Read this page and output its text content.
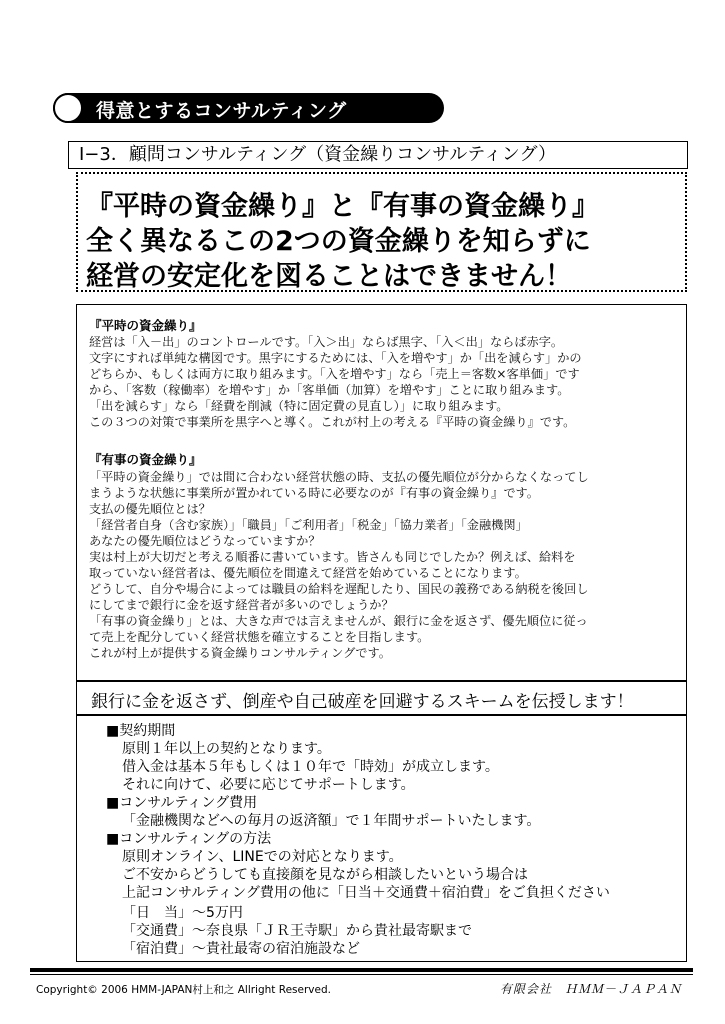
得意とするコンサルティング
I−3．顧問コンサルティング（資金繰りコンサルティング）
『平時の資金繰り』と『有事の資金繰り』
全く異なるこの2つの資金繰りを知らずに
経営の安定化を図ることはできません！
『平時の資金繰り』
経営は「入－出」のコントロールです。「入＞出」ならば黒字、「入＜出」ならば赤字。
文字にすれば単純な構図です。黒字にするためには、「入を増やす」か「出を減らす」かの
どちらか、もしくは両方に取り組みます。「入を増やす」なら「売上＝客数×客単価」です
から、「客数（稼働率）を増やす」か「客単価（加算）を増やす」ことに取り組みます。
「出を減らす」なら「経費を削減（特に固定費の見直し）」に取り組みます。
この３つの対策で事業所を黒字へと導く。これが村上の考える『平時の資金繰り』です。
『有事の資金繰り』
「平時の資金繰り」では間に合わない経営状態の時、支払の優先順位が分からなくなってし
まうような状態に事業所が置かれている時に必要なのが『有事の資金繰り』です。
支払の優先順位とは？
「経営者自身（含む家族）」「職員」「ご利用者」「税金」「協力業者」「金融機関」
あなたの優先順位はどうなっていますか？
実は村上が大切だと考える順番に書いています。皆さんも同じでしたか？例えば、給料を
取っていない経営者は、優先順位を間違えて経営を始めていることになります。
どうして、自分や場合によっては職員の給料を遅配したり、国民の義務である納税を後回し
にしてまで銀行に金を返す経営者が多いのでしょうか？
「有事の資金繰り」とは、大きな声では言えませんが、銀行に金を返さず、優先順位に従っ
て売上を配分していく経営状態を確立することを目指します。
これが村上が提供する資金繰りコンサルティングです。
銀行に金を返さず、倒産や自己破産を回避するスキームを伝授します！
■契約期間
原則１年以上の契約となります。
借入金は基本５年もしくは１０年で「時効」が成立します。
それに向けて、必要に応じてサポートします。
■コンサルティング費用
「金融機関などへの毎月の返済額」で１年間サポートいたします。
■コンサルティングの方法
原則オンライン、LINEでの対応となります。
ご不安からどうしても直接顔を見ながら相談したいという場合は
上記コンサルティング費用の他に「日当＋交通費＋宿泊費」をご負担ください
「日　当」～5万円
「交通費」～奈良県「ＪＲ王寺駅」から貴社最寄駅まで
「宿泊費」～貴社最寄の宿泊施設など
Copyright© 2006 HMM-JAPAN村上和之 Allright Reserved.	有限会社　ＨＭＭ－ＪＡＰＡＮ
